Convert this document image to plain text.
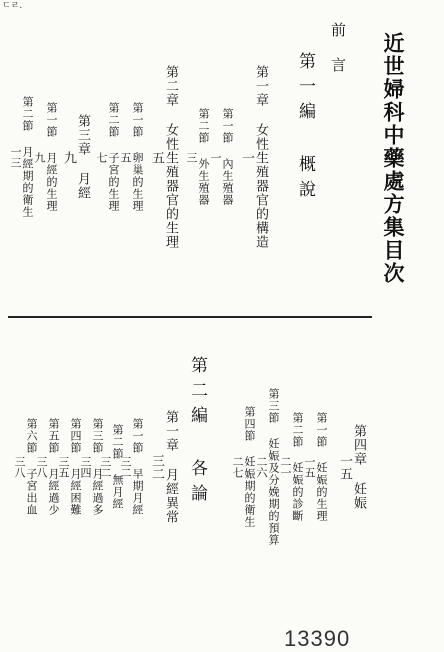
ㄷㄹ.
近世婦科中藥處方集目次
前言
第一編 概說
第一章 女性生殖器官的構造
一
第一節 內生殖器
一
第二節 外生殖器
三
第二章 女性生殖器官的生理
五
第一節 卵巢的生理
五
第二節 子宮的生理
七
第三章 月經
九
第一節 月經的生理
九
第二節 月經期的衛生
一三
第四章 妊娠
一五
第一節 妊娠的生理
一五
第二節 妊娠的診斷
二一
第三節 妊娠及分娩期的預算
二六
第四節 妊娠期的衛生
二七
第二編 各論
第一章 月經異常
三二
第一節 早期月經
三二
第二節 無月經
三二
第三節 月經過多
三四
第四節 月經困難
三五
第五節 月經過少
三八
第六節 子宮出血
三八
13390
